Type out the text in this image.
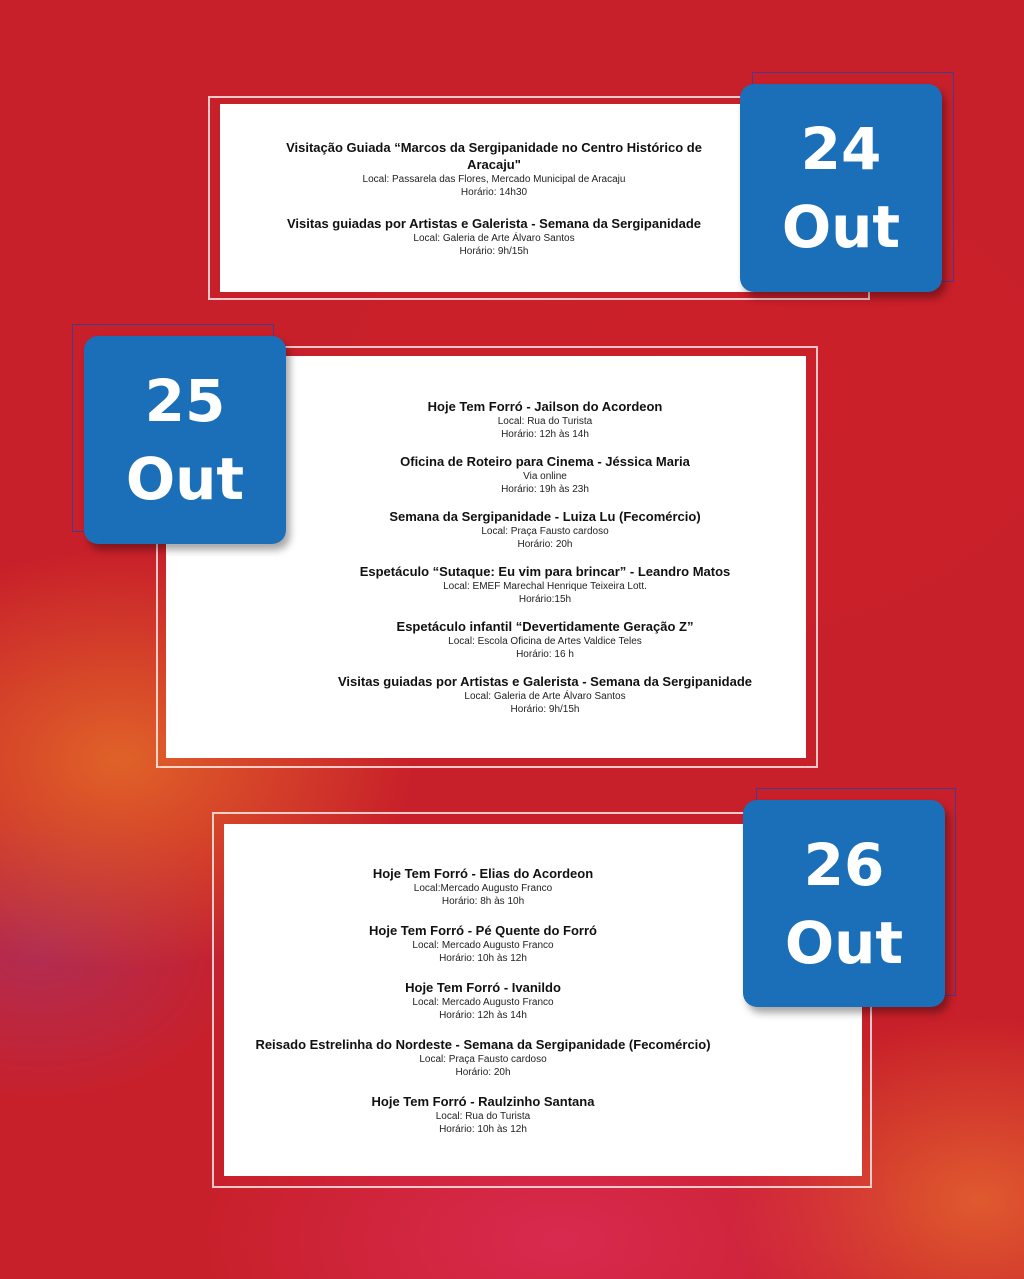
Visitação Guiada “Marcos da Sergipanidade no Centro Histórico de Aracaju"
Local: Passarela das Flores, Mercado Municipal de Aracaju
Horário: 14h30
Visitas guiadas por Artistas e Galerista - Semana da Sergipanidade
Local: Galeria de Arte Álvaro Santos
Horário: 9h/15h
24
Out
Hoje Tem Forró - Jailson do Acordeon
Local: Rua do Turista
Horário: 12h às 14h
Oficina de Roteiro para Cinema - Jéssica Maria
Via online
Horário: 19h às 23h
Semana da Sergipanidade - Luiza Lu (Fecomércio)
Local: Praça Fausto cardoso
Horário: 20h
Espetáculo “Sutaque: Eu vim para brincar” - Leandro Matos
Local: EMEF Marechal Henrique Teixeira Lott.
Horário:15h
Espetáculo infantil “Devertidamente Geração Z”
Local: Escola Oficina de Artes Valdice Teles
Horário: 16 h
Visitas guiadas por Artistas e Galerista - Semana da Sergipanidade
Local: Galeria de Arte Álvaro Santos
Horário: 9h/15h
25
Out
Hoje Tem Forró - Elias do Acordeon
Local:Mercado Augusto Franco
Horário: 8h às 10h
Hoje Tem Forró - Pé Quente do Forró
Local: Mercado Augusto Franco
Horário: 10h às 12h
Hoje Tem Forró - Ivanildo
Local: Mercado Augusto Franco
Horário: 12h às 14h
Reisado Estrelinha do Nordeste - Semana da Sergipanidade (Fecomércio)
Local: Praça Fausto cardoso
Horário: 20h
Hoje Tem Forró - Raulzinho Santana
Local: Rua do Turista
Horário: 10h às 12h
26
Out
